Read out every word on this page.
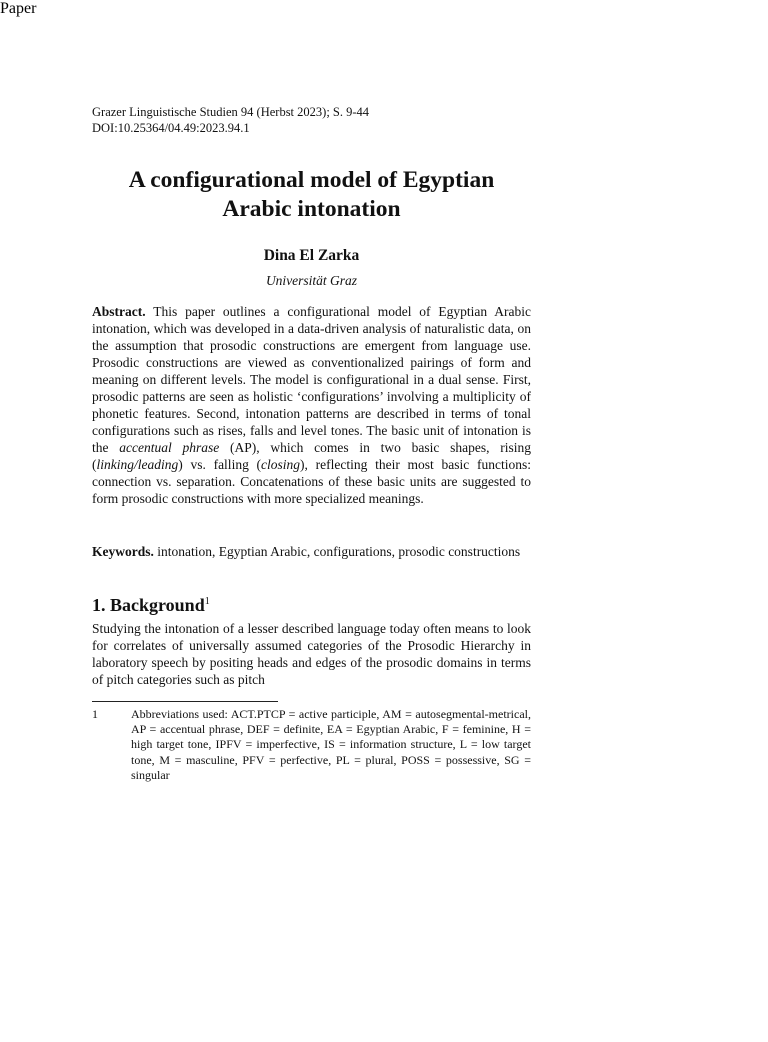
Paper
Grazer Linguistische Studien 94 (Herbst 2023); S. 9-44
DOI:10.25364/04.49:2023.94.1
A configurational model of Egyptian
Arabic intonation
Dina El Zarka
Universität Graz
Abstract. This paper outlines a configurational model of Egyptian Arabic intonation, which was developed in a data-driven analysis of naturalistic data, on the assumption that prosodic constructions are emergent from language use. Prosodic constructions are viewed as conventionalized pairings of form and meaning on different levels. The model is configurational in a dual sense. First, prosodic patterns are seen as holistic ‘configurations’ involving a multiplicity of phonetic features. Second, intonation patterns are described in terms of tonal configurations such as rises, falls and level tones. The basic unit of intonation is the accentual phrase (AP), which comes in two basic shapes, rising (linking/leading) vs. falling (closing), reflecting their most basic functions: connection vs. separation. Concatenations of these basic units are suggested to form prosodic constructions with more specialized meanings.
Keywords. intonation, Egyptian Arabic, configurations, prosodic constructions
1. Background$^1$
Studying the intonation of a lesser described language today often means to look for correlates of universally assumed categories of the Prosodic Hierarchy in laboratory speech by positing heads and edges of the prosodic domains in terms of pitch categories such as pitch
1	Abbreviations used: ACT.PTCP = active participle, AM = autosegmental-metrical, AP = accentual phrase, DEF = definite, EA = Egyptian Arabic, F = feminine, H = high target tone, IPFV = imperfective, IS = information structure, L = low target tone, M = masculine, PFV = perfective, PL = plural, POSS = possessive, SG = singular
